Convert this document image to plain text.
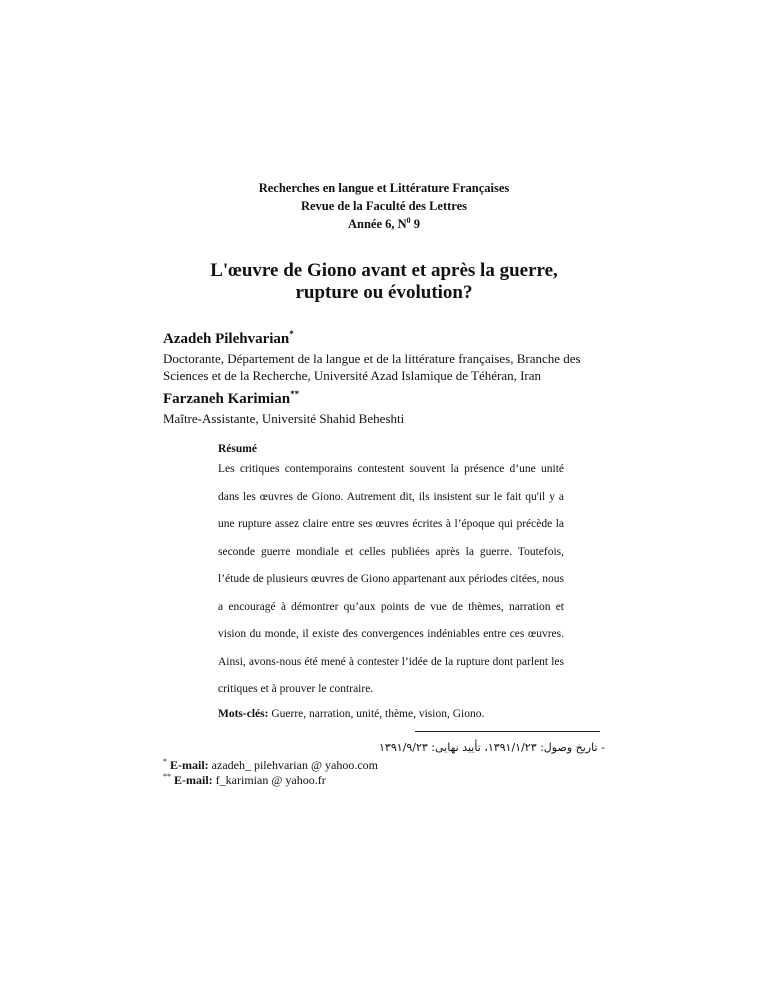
Recherches en langue et Littérature Françaises
Revue de la Faculté des Lettres
Année 6, $N^0$ 9
L'œuvre de Giono avant et après la guerre,
rupture ou évolution?
Azadeh Pilehvarian*
Doctorante, Département de la langue et de la littérature françaises, Branche des Sciences et de la Recherche, Université Azad Islamique de Téhéran, Iran
Farzaneh Karimian**
Maître-Assistante, Université Shahid Beheshti
Résumé

Les critiques contemporains contestent souvent la présence d’une unité dans les œuvres de Giono. Autrement dit, ils insistent sur le fait qu'il y a une rupture assez claire entre ses œuvres écrites à l’époque qui précède la seconde guerre mondiale et celles publiées après la guerre. Toutefois, l’étude de plusieurs œuvres de Giono appartenant aux périodes citées, nous a encouragé à démontrer qu’aux points de vue de thèmes, narration et vision du monde, il existe des convergences indéniables entre ces œuvres. Ainsi, avons-nous été mené à contester l’idée de la rupture dont parlent les critiques et à prouver le contraire.

Mots-clés: Guerre, narration, unité, thème, vision, Giono.
- تاریخ وصول: ۱۳۹۱/۱/۲۳، تأیید نهایی: ۱۳۹۱/۹/۲۳
* E-mail: azadeh_ pilehvarian @ yahoo.com
** E-mail: f_karimian @ yahoo.fr
